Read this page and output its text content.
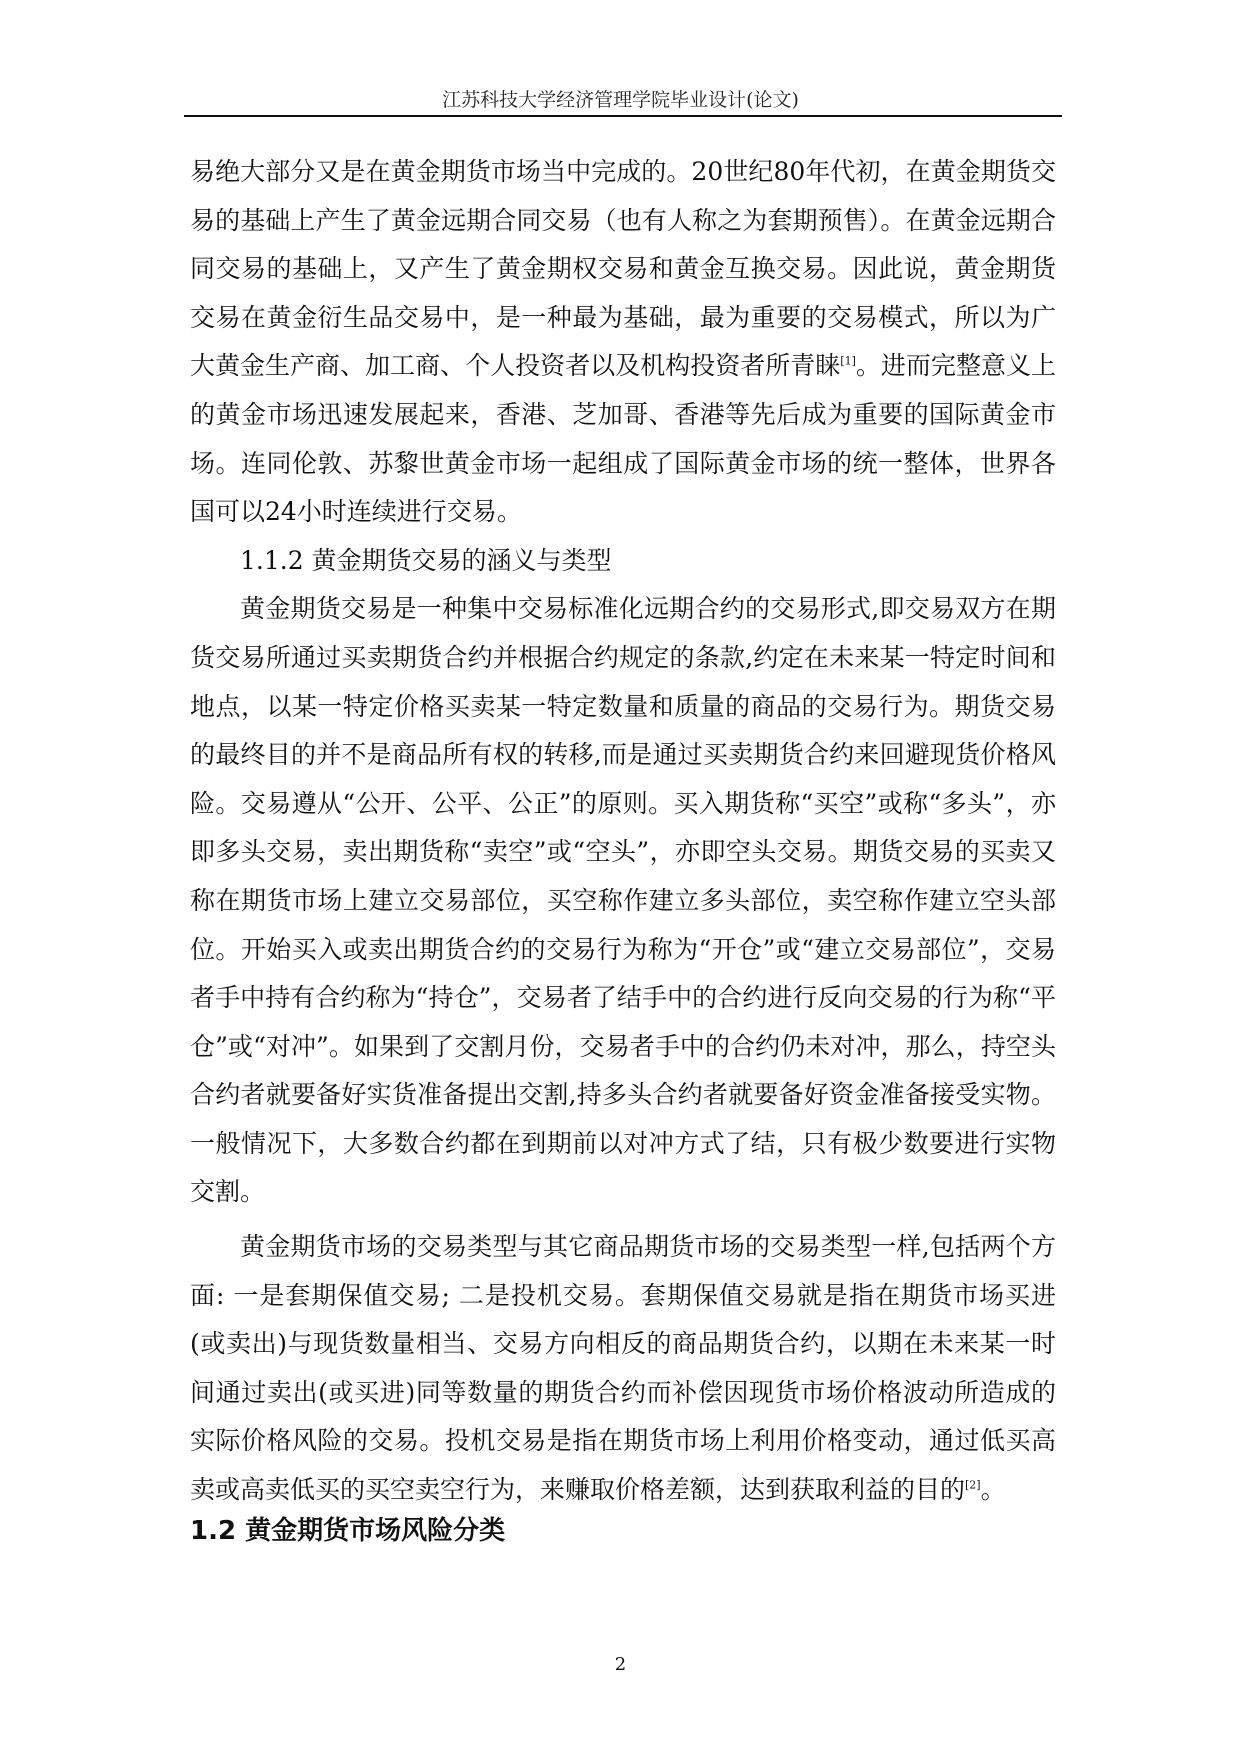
江苏科技大学经济管理学院毕业设计(论文)

易绝大部分又是在黄金期货市场当中完成的。20世纪80年代初，在黄金期货交易的基础上产生了黄金远期合同交易（也有人称之为套期预售）。在黄金远期合同交易的基础上，又产生了黄金期权交易和黄金互换交易。因此说，黄金期货交易在黄金衍生品交易中，是一种最为基础，最为重要的交易模式，所以为广大黄金生产商、加工商、个人投资者以及机构投资者所青睐[1]。进而完整意义上的黄金市场迅速发展起来，香港、芝加哥、香港等先后成为重要的国际黄金市场。连同伦敦、苏黎世黄金市场一起组成了国际黄金市场的统一整体，世界各国可以24小时连续进行交易。

1.1.2 黄金期货交易的涵义与类型

黄金期货交易是一种集中交易标准化远期合约的交易形式,即交易双方在期货交易所通过买卖期货合约并根据合约规定的条款,约定在未来某一特定时间和地点，以某一特定价格买卖某一特定数量和质量的商品的交易行为。期货交易的最终目的并不是商品所有权的转移,而是通过买卖期货合约来回避现货价格风险。交易遵从“公开、公平、公正”的原则。买入期货称“买空”或称“多头”，亦即多头交易，卖出期货称“卖空”或“空头”，亦即空头交易。期货交易的买卖又称在期货市场上建立交易部位，买空称作建立多头部位，卖空称作建立空头部位。开始买入或卖出期货合约的交易行为称为“开仓”或“建立交易部位”，交易者手中持有合约称为“持仓”，交易者了结手中的合约进行反向交易的行为称“平仓”或“对冲”。如果到了交割月份，交易者手中的合约仍未对冲，那么，持空头合约者就要备好实货准备提出交割,持多头合约者就要备好资金准备接受实物。一般情况下，大多数合约都在到期前以对冲方式了结，只有极少数要进行实物交割。

黄金期货市场的交易类型与其它商品期货市场的交易类型一样,包括两个方面: 一是套期保值交易; 二是投机交易。套期保值交易就是指在期货市场买进(或卖出)与现货数量相当、交易方向相反的商品期货合约，以期在未来某一时间通过卖出(或买进)同等数量的期货合约而补偿因现货市场价格波动所造成的实际价格风险的交易。投机交易是指在期货市场上利用价格变动，通过低买高卖或高卖低买的买空卖空行为，来赚取价格差额，达到获取利益的目的[2]。

1.2 黄金期货市场风险分类
2
